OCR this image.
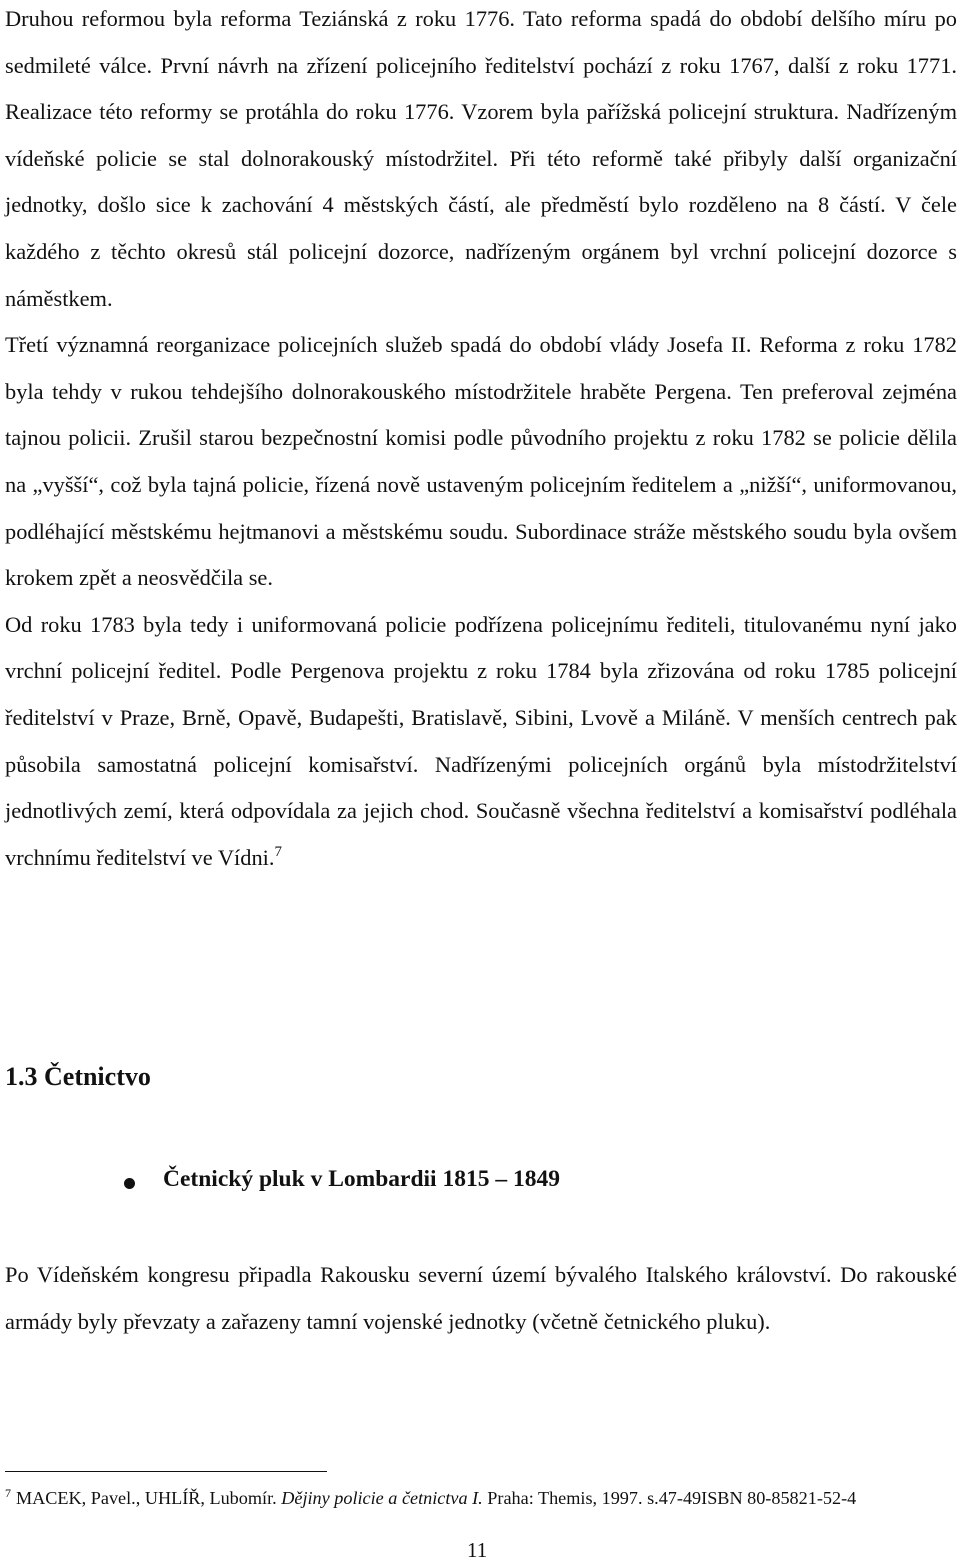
Druhou reformou byla reforma Teziánská z roku 1776. Tato reforma spadá do období delšího míru po sedmileté válce. První návrh na zřízení policejního ředitelství pochází z roku 1767, další z roku 1771. Realizace této reformy se protáhla do roku 1776. Vzorem byla pařížská policejní struktura. Nadřízeným vídeňské policie se stal dolnorakouský místodržitel. Při této reformě také přibyly další organizační jednotky, došlo sice k zachování 4 městských částí, ale předměstí bylo rozděleno na 8 částí. V čele každého z těchto okresů stál policejní dozorce, nadřízeným orgánem byl vrchní policejní dozorce s náměstkem.

Třetí významná reorganizace policejních služeb spadá do období vlády Josefa II. Reforma z roku 1782 byla tehdy v rukou tehdejšího dolnorakouského místodržitele hraběte Pergena. Ten preferoval zejména tajnou policii. Zrušil starou bezpečnostní komisi podle původního projektu z roku 1782 se policie dělila na „vyšší“, což byla tajná policie, řízená nově ustaveným policejním ředitelem a „nižší“, uniformovanou, podléhající městskému hejtmanovi a městskému soudu. Subordinace stráže městského soudu byla ovšem krokem zpět a neosvědčila se.

Od roku 1783 byla tedy i uniformovaná policie podřízena policejnímu řediteli, titulovanému nyní jako vrchní policejní ředitel. Podle Pergenova projektu z roku 1784 byla zřizována od roku 1785 policejní ředitelství v Praze, Brně, Opavě, Budapešti, Bratislavě, Sibini, Lvově a Miláně. V menších centrech pak působila samostatná policejní komisařství. Nadřízenými policejních orgánů byla místodržitelství jednotlivých zemí, která odpovídala za jejich chod. Současně všechna ředitelství a komisařství podléhala vrchnímu ředitelství ve Vídni.$^7$

1.3 Četnictvo
Četnický pluk v Lombardii 1815 – 1849

Po Vídeňském kongresu připadla Rakousku severní území bývalého Italského království. Do rakouské armády byly převzaty a zařazeny tamní vojenské jednotky (včetně četnického pluku).

$^7$ MACEK, Pavel., UHLÍŘ, Lubomír. Dějiny policie a četnictva I. Praha: Themis, 1997. s.47-49ISBN 80-85821-52-4

11
